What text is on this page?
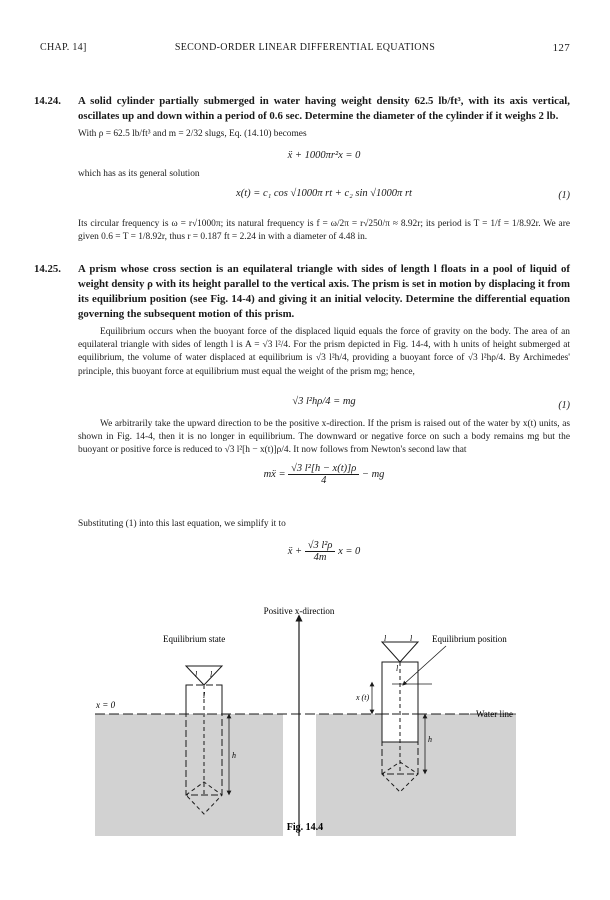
CHAP. 14]	SECOND-ORDER LINEAR DIFFERENTIAL EQUATIONS	127
14.24. A solid cylinder partially submerged in water having weight density 62.5 lb/ft³, with its axis vertical, oscillates up and down within a period of 0.6 sec. Determine the diameter of the cylinder if it weighs 2 lb.
With ρ = 62.5 lb/ft³ and m = 2/32 slugs, Eq. (14.10) becomes
ẍ + 1000πr²x = 0
which has as its general solution
x(t) = c₁ cos √1000π rt + c₂ sin √1000π rt	(1)
Its circular frequency is ω = r√1000π; its natural frequency is f = ω/2π = r√250/π ≈ 8.92r; its period is T = 1/f = 1/8.92r. We are given 0.6 = T = 1/8.92r, thus r = 0.187 ft = 2.24 in with a diameter of 4.48 in.
14.25. A prism whose cross section is an equilateral triangle with sides of length l floats in a pool of liquid of weight density ρ with its height parallel to the vertical axis. The prism is set in motion by displacing it from its equilibrium position (see Fig. 14-4) and giving it an initial velocity. Determine the differential equation governing the subsequent motion of this prism.
Equilibrium occurs when the buoyant force of the displaced liquid equals the force of gravity on the body. The area of an equilateral triangle with sides of length l is A = √3 l²/4. For the prism depicted in Fig. 14-4, with h units of height submerged at equilibrium, the volume of water displaced at equilibrium is √3 l²h/4, providing a buoyant force of √3 l²hρ/4. By Archimedes' principle, this buoyant force at equilibrium must equal the weight of the prism mg; hence,
√3 l²hρ/4 = mg	(1)
We arbitrarily take the upward direction to be the positive x-direction. If the prism is raised out of the water by x(t) units, as shown in Fig. 14-4, then it is no longer in equilibrium. The downward or negative force on such a body remains mg but the buoyant or positive force is reduced to √3 l²[h − x(t)]ρ/4. It now follows from Newton's second law that
mẍ = $\frac{\text{√3 l²[h − x(t)]ρ}}{4}$ − mg
Substituting (1) into this last equation, we simplify it to
ẍ + $\frac{\text{√3 l²ρ}}{4m}$ x = 0
Positive x-direction
Equilibrium state
l l
l
h
x = 0
Equilibrium position
l	l
l
x (t)
h
Water line
Fig. 14.4
